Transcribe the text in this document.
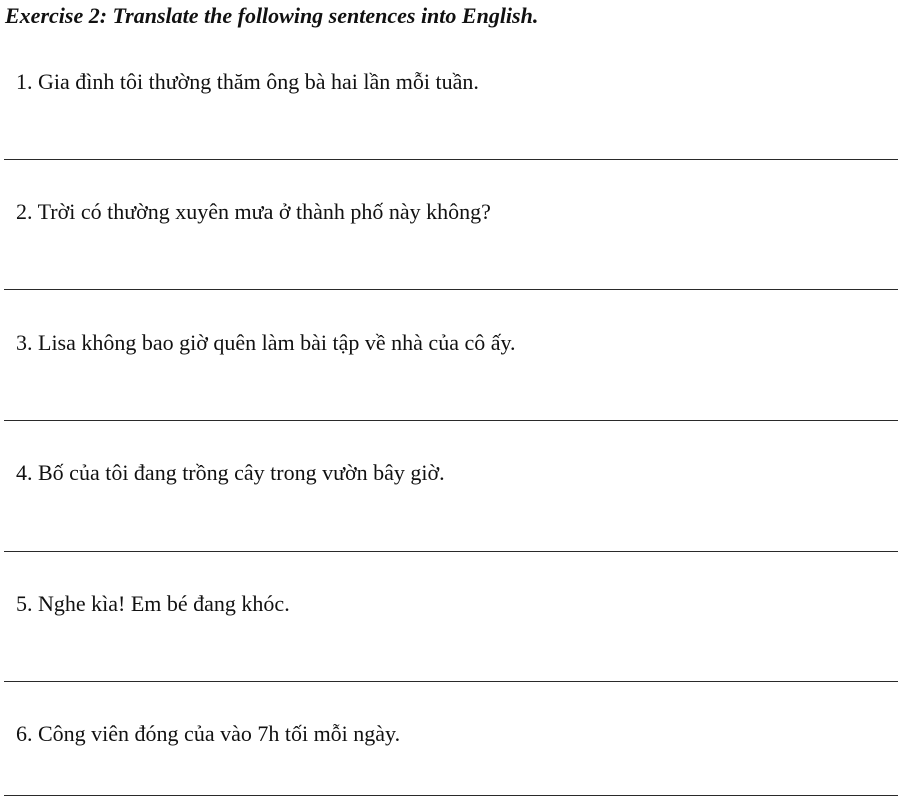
Exercise 2: Translate the following sentences into English.
1. Gia đình tôi thường thăm ông bà hai lần mỗi tuần.
2. Trời có thường xuyên mưa ở thành phố này không?
3. Lisa không bao giờ quên làm bài tập về nhà của cô ấy.
4. Bố của tôi đang trồng cây trong vườn bây giờ.
5. Nghe kìa! Em bé đang khóc.
6. Công viên đóng của vào 7h tối mỗi ngày.
